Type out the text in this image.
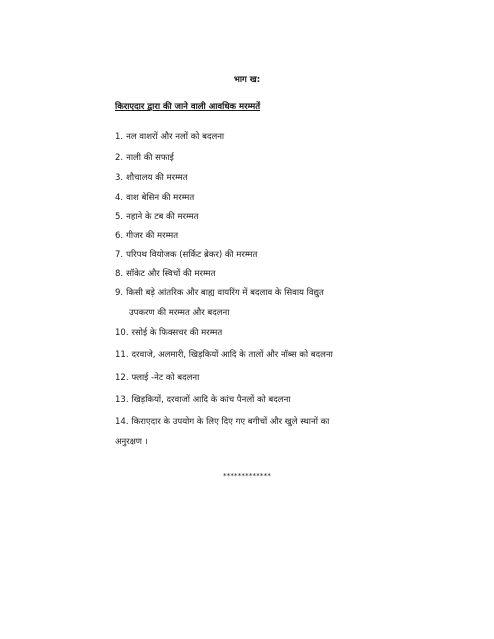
भाग ख:
किराएदार द्वारा की जाने वाली आवधिक मरम्मतें
1. नल वाशरों और नलों को बदलना
2. नाली की सफाई
3. शौचालय की मरम्मत
4. वाश बेसिन की मरम्मत
5. नहाने के टब की मरम्मत
6. गीजर की मरम्मत
7. परिपथ वियोजक (सर्किट ब्रेकर) की मरम्मत
8. सॉकेट और स्विचों की मरम्मत
9. किसी बड़े आंतरिक और बाह्य वायरिंग में बदलाव के सिवाय विद्युत
उपकरण की मरम्मत और बदलना
10. रसोई के फिक्सचर की मरम्मत
11. दरवाजे, अलमारी, खिड़कियों आदि के तालों और नॉब्स को बदलना
12. फ्लाई -नेट को बदलना
13. खिड़कियों, दरवाजों आदि के कांच पैनलों को बदलना
14. किराएदार के उपयोग के लिए दिए गए बगीचों और खुले स्थानों का
अनुरक्षण ।
*************
